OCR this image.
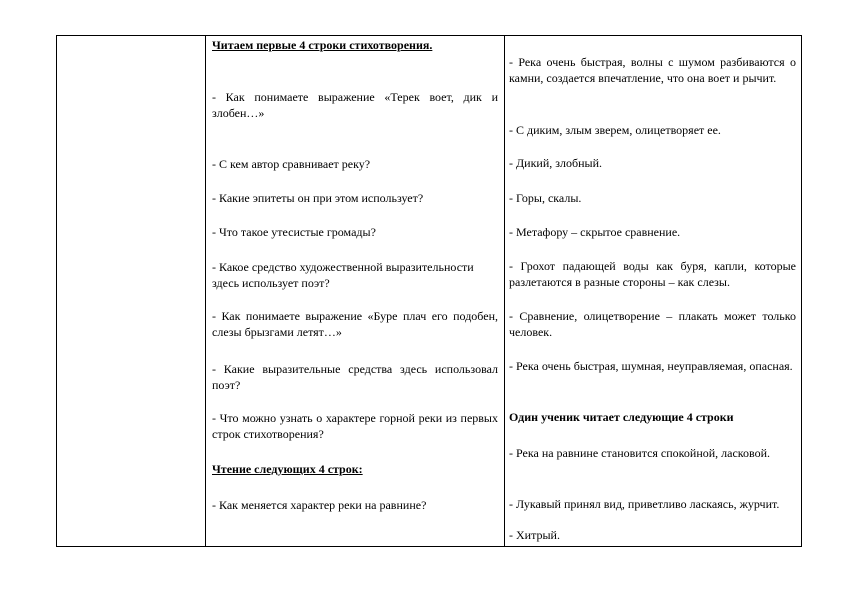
Читаем первые 4 строки стихотворения.

- Как понимаете выражение «Терек воет, дик и злобен…»

- С кем автор сравнивает реку?

- Какие эпитеты он при этом использует?

- Что такое утесистые громады?

- Какое средство художественной выразительности здесь использует поэт?

- Как понимаете выражение «Буре плач его подобен, слезы брызгами летят…»

- Какие выразительные средства здесь использовал поэт?

- Что можно узнать о характере горной реки из первых строк стихотворения?

Чтение следующих 4 строк:

- Как меняется характер реки на равнине?

- Река очень быстрая, волны с шумом разбиваются о камни, создается впечатление, что она воет и рычит.

- С диким, злым зверем, олицетворяет ее.

- Дикий, злобный.

- Горы, скалы.

- Метафору – скрытое сравнение.

- Грохот падающей воды как буря, капли, которые разлетаются в разные стороны – как слезы.

- Сравнение, олицетворение – плакать может только человек.

- Река очень быстрая, шумная, неуправляемая, опасная.

Один ученик читает следующие 4 строки

- Река на равнине становится спокойной, ласковой.

- Лукавый принял вид, приветливо ласкаясь, журчит.

- Хитрый.
